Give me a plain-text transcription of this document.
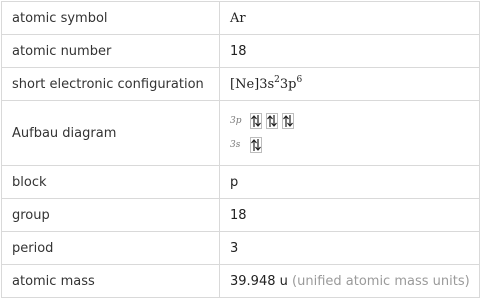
atomic symbol	Ar
atomic number	18
short electronic configuration	$[Ne]3s^23p^6$
Aufbau diagram	3p
3s

block	p
group	18
period	3
atomic mass	39.948 u (unified atomic mass units)
